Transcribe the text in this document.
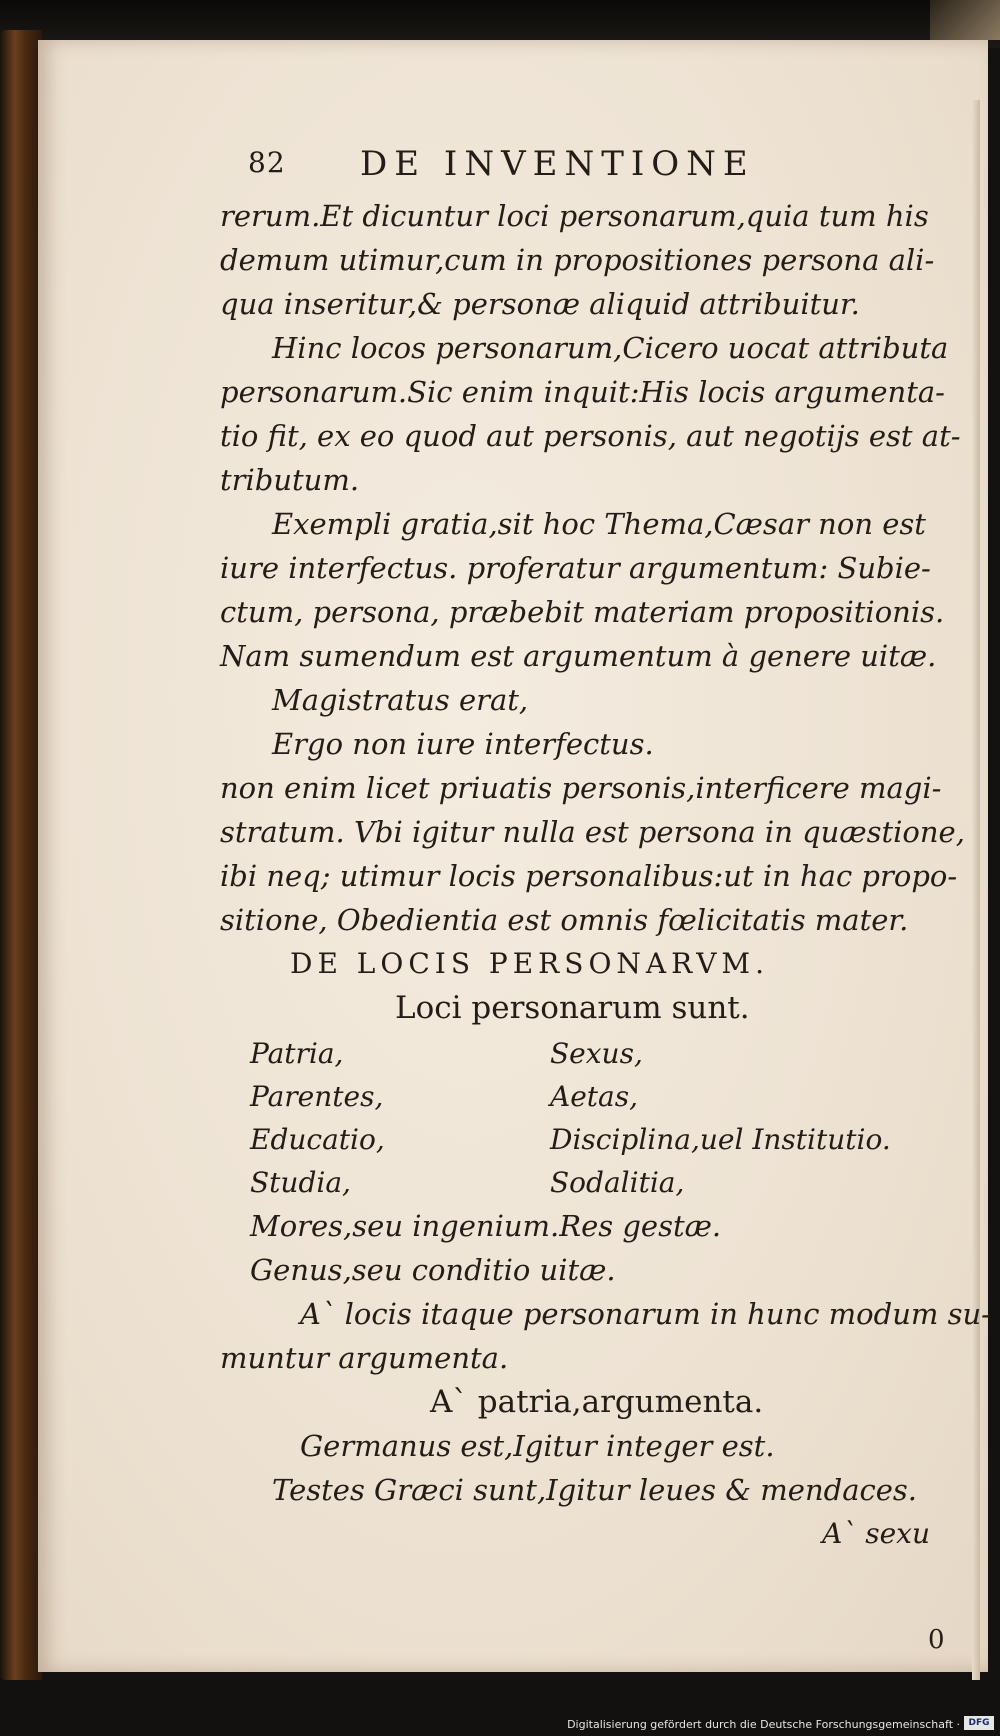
82 DE INVENTIONE
rerum.Et dicuntur loci personarum,quia tum his
demum utimur,cum in propositiones persona ali-
qua inseritur,& personæ aliquid attribuitur.
Hinc locos personarum,Cicero uocat attributa
personarum.Sic enim inquit:His locis argumenta-
tio fit, ex eo quod aut personis, aut negotijs est at-
tributum.
Exempli gratia,sit hoc Thema,Cæsar non est
iure interfectus. proferatur argumentum: Subie-
ctum, persona, præbebit materiam propositionis.
Nam sumendum est argumentum à genere uitæ.
Magistratus erat,
Ergo non iure interfectus.
non enim licet priuatis personis,interficere magi-
stratum. Vbi igitur nulla est persona in quæstione,
ibi neq; utimur locis personalibus:ut in hac propo-
sitione, Obedientia est omnis fœlicitatis mater.
DE LOCIS PERSONARVM.
Loci personarum sunt.
Patria,	Sexus,
Parentes,	Aetas,
Educatio,	Disciplina,uel Institutio.
Studia,	Sodalitia,
Mores,seu ingenium.Res gestæ.
Genus,seu conditio uitæ.
A` locis itaque personarum in hunc modum su-
muntur argumenta.
A` patria,argumenta.
Germanus est,Igitur integer est.
Testes Græci sunt,Igitur leues & mendaces.
A` sexu
0
Digitalisierung gefördert durch die Deutsche Forschungsgemeinschaft · DFG
